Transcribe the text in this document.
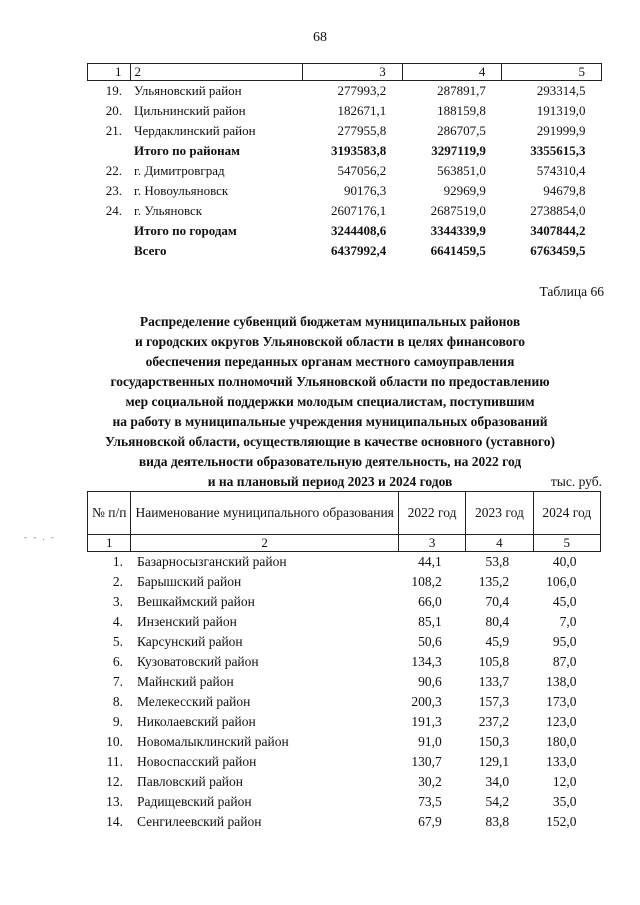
68
1	2	3	4	5
19.	Ульяновский район	277993,2	287891,7	293314,5
20.	Цильнинский район	182671,1	188159,8	191319,0
21.	Чердаклинский район	277955,8	286707,5	291999,9
	Итого по районам	3193583,8	3297119,9	3355615,3
22.	г. Димитровград	547056,2	563851,0	574310,4
23.	г. Новоульяновск	90176,3	92969,9	94679,8
24.	г. Ульяновск	2607176,1	2687519,0	2738854,0
	Итого по городам	3244408,6	3344339,9	3407844,2
	Всего	6437992,4	6641459,5	6763459,5
Таблица 66
Распределение субвенций бюджетам муниципальных районов
и городских округов Ульяновской области в целях финансового
обеспечения переданных органам местного самоуправления
государственных полномочий Ульяновской области по предоставлению
мер социальной поддержки молодым специалистам, поступившим
на работу в муниципальные учреждения муниципальных образований
Ульяновской области, осуществляющие в качестве основного (уставного)
вида деятельности образовательную деятельность, на 2022 год
и на плановый период 2023 и 2024 годов	тыс. руб.
- - . -
№ п/п	Наименование муниципального образования	2022 год	2023 год	2024 год
1	2	3	4	5
1.	Базарносызганский район	44,1	53,8	40,0
2.	Барышский район	108,2	135,2	106,0
3.	Вешкаймский район	66,0	70,4	45,0
4.	Инзенский район	85,1	80,4	7,0
5.	Карсунский район	50,6	45,9	95,0
6.	Кузоватовский район	134,3	105,8	87,0
7.	Майнский район	90,6	133,7	138,0
8.	Мелекесский район	200,3	157,3	173,0
9.	Николаевский район	191,3	237,2	123,0
10.	Новомалыклинский район	91,0	150,3	180,0
11.	Новоспасский район	130,7	129,1	133,0
12.	Павловский район	30,2	34,0	12,0
13.	Радищевский район	73,5	54,2	35,0
14.	Сенгилеевский район	67,9	83,8	152,0
